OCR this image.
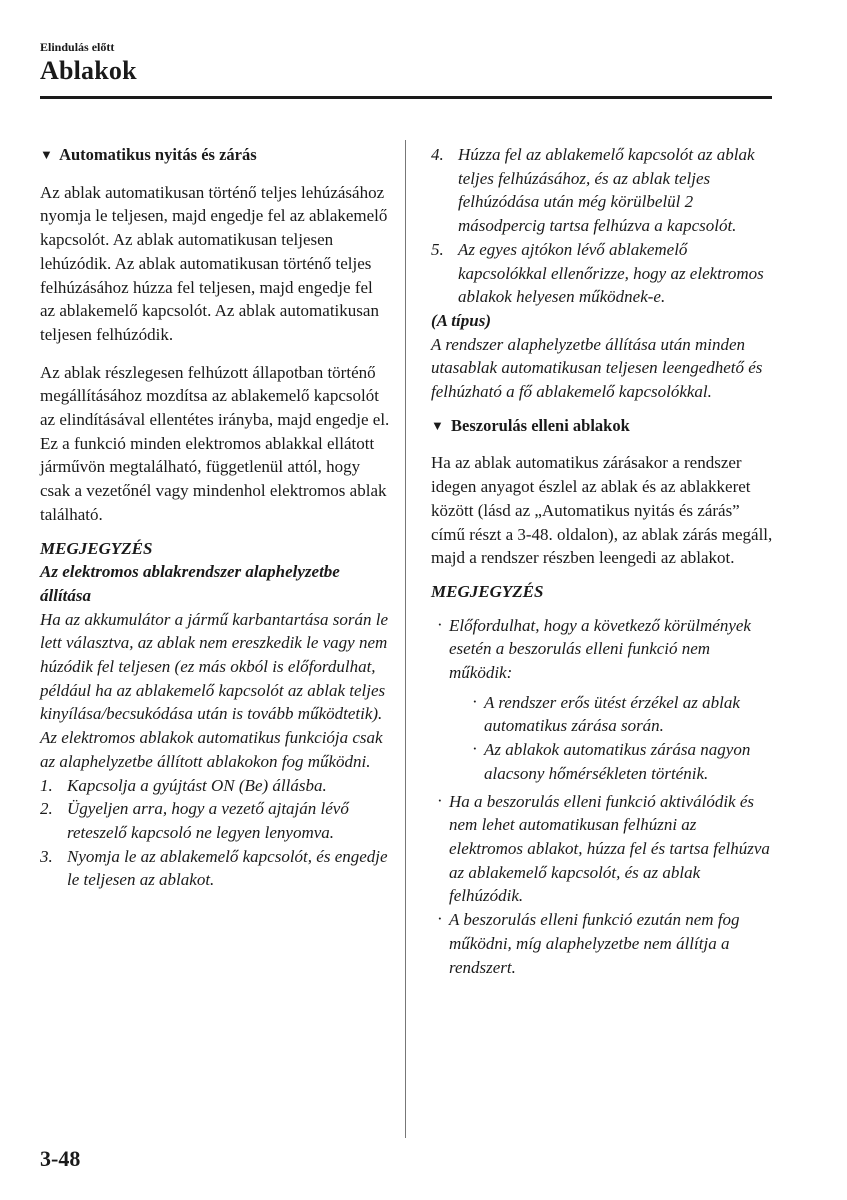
Elindulás előtt
Ablakok

▼ Automatikus nyitás és zárás

Az ablak automatikusan történő teljes lehúzásához nyomja le teljesen, majd engedje fel az ablakemelő kapcsolót. Az ablak automatikusan teljesen lehúzódik. Az ablak automatikusan történő teljes felhúzásához húzza fel teljesen, majd engedje fel az ablakemelő kapcsolót. Az ablak automatikusan teljesen felhúzódik.

Az ablak részlegesen felhúzott állapotban történő megállításához mozdítsa az ablakemelő kapcsolót az elindításával ellentétes irányba, majd engedje el.

Ez a funkció minden elektromos ablakkal ellátott járművön megtalálható, függetlenül attól, hogy csak a vezetőnél vagy mindenhol elektromos ablak található.

MEGJEGYZÉS

Az elektromos ablakrendszer alaphelyzetbe állítása

Ha az akkumulátor a jármű karbantartása során le lett választva, az ablak nem ereszkedik le vagy nem húzódik fel teljesen (ez más okból is előfordulhat, például ha az ablakemelő kapcsolót az ablak teljes kinyílása/becsukódása után is tovább működtetik).

Az elektromos ablakok automatikus funkciója csak az alaphelyzetbe állított ablakokon fog működni.

1. Kapcsolja a gyújtást ON (Be) állásba.
2. Ügyeljen arra, hogy a vezető ajtaján lévő reteszelő kapcsoló ne legyen lenyomva.
3. Nyomja le az ablakemelő kapcsolót, és engedje le teljesen az ablakot.
4. Húzza fel az ablakemelő kapcsolót az ablak teljes felhúzásához, és az ablak teljes felhúzódása után még körülbelül 2 másodpercig tartsa felhúzva a kapcsolót.
5. Az egyes ajtókon lévő ablakemelő kapcsolókkal ellenőrizze, hogy az elektromos ablakok helyesen működnek-e.

(A típus)

A rendszer alaphelyzetbe állítása után minden utasablak automatikusan teljesen leengedhető és felhúzható a fő ablakemelő kapcsolókkal.

▼ Beszorulás elleni ablakok

Ha az ablak automatikus zárásakor a rendszer idegen anyagot észlel az ablak és az ablakkeret között (lásd az „Automatikus nyitás és zárás” című részt a 3-48. oldalon), az ablak zárás megáll, majd a rendszer részben leengedi az ablakot.

MEGJEGYZÉS

· Előfordulhat, hogy a következő körülmények esetén a beszorulás elleni funkció nem működik:
· A rendszer erős ütést érzékel az ablak automatikus zárása során.
· Az ablakok automatikus zárása nagyon alacsony hőmérsékleten történik.
· Ha a beszorulás elleni funkció aktiválódik és nem lehet automatikusan felhúzni az elektromos ablakot, húzza fel és tartsa felhúzva az ablakemelő kapcsolót, és az ablak felhúzódik.
· A beszorulás elleni funkció ezután nem fog működni, míg alaphelyzetbe nem állítja a rendszert.
3-48
